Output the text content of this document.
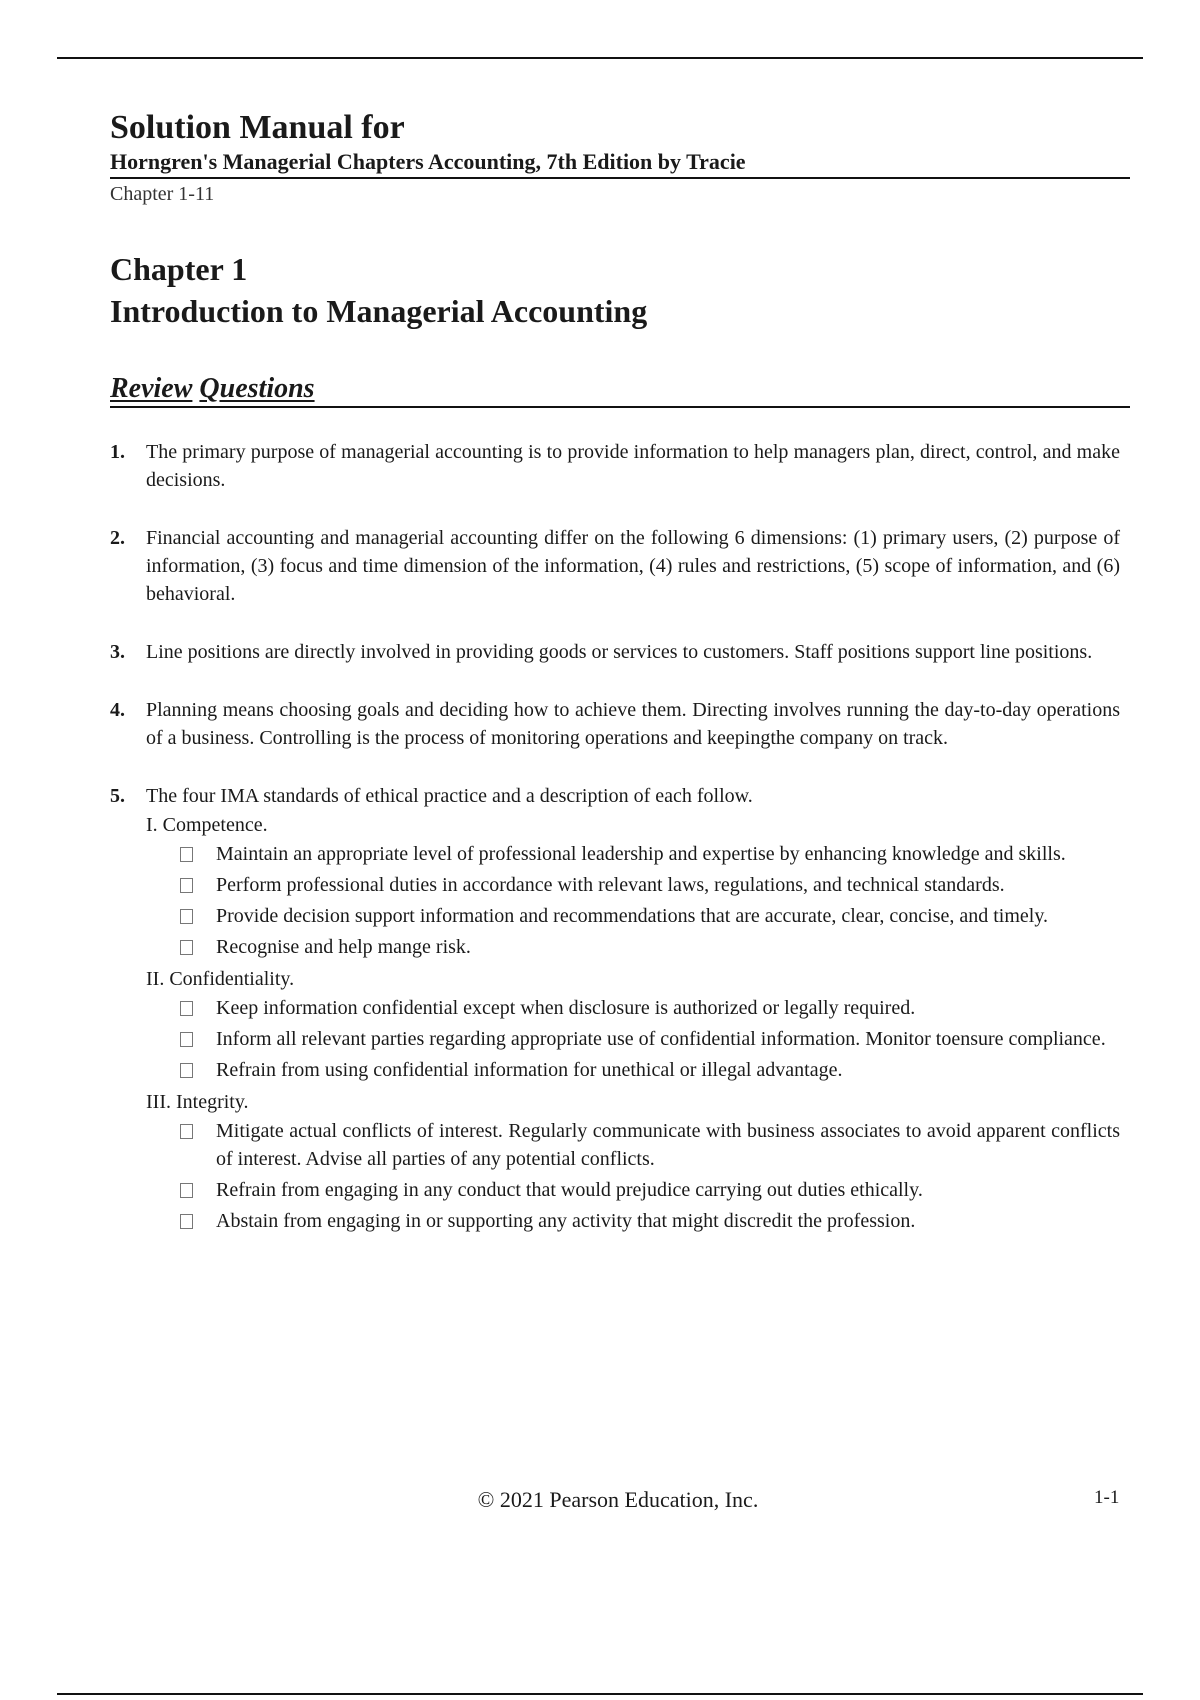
Solution Manual for
Horngren's Managerial Chapters Accounting, 7th Edition by Tracie
Chapter 1-11
Chapter 1
Introduction to Managerial Accounting
Review Questions
1.	The primary purpose of managerial accounting is to provide information to help managers plan, direct, control, and make decisions.
2.	Financial accounting and managerial accounting differ on the following 6 dimensions: (1) primary users, (2) purpose of information, (3) focus and time dimension of the information, (4) rules and restrictions, (5) scope of information, and (6) behavioral.
3.	Line positions are directly involved in providing goods or services to customers. Staff positions support line positions.
4.	Planning means choosing goals and deciding how to achieve them. Directing involves running the day-to-day operations of a business. Controlling is the process of monitoring operations and keepingthe company on track.
5.	The four IMA standards of ethical practice and a description of each follow.
I. Competence.
Maintain an appropriate level of professional leadership and expertise by enhancing knowledge and skills.
Perform professional duties in accordance with relevant laws, regulations, and technical standards.
Provide decision support information and recommendations that are accurate, clear, concise, and timely.
Recognise and help mange risk.
II. Confidentiality.
Keep information confidential except when disclosure is authorized or legally required.
Inform all relevant parties regarding appropriate use of confidential information. Monitor toensure compliance.
Refrain from using confidential information for unethical or illegal advantage.
III. Integrity.
Mitigate actual conflicts of interest. Regularly communicate with business associates to avoid apparent conflicts of interest. Advise all parties of any potential conflicts.
Refrain from engaging in any conduct that would prejudice carrying out duties ethically.
Abstain from engaging in or supporting any activity that might discredit the profession.
© 2021 Pearson Education, Inc.	1-1
